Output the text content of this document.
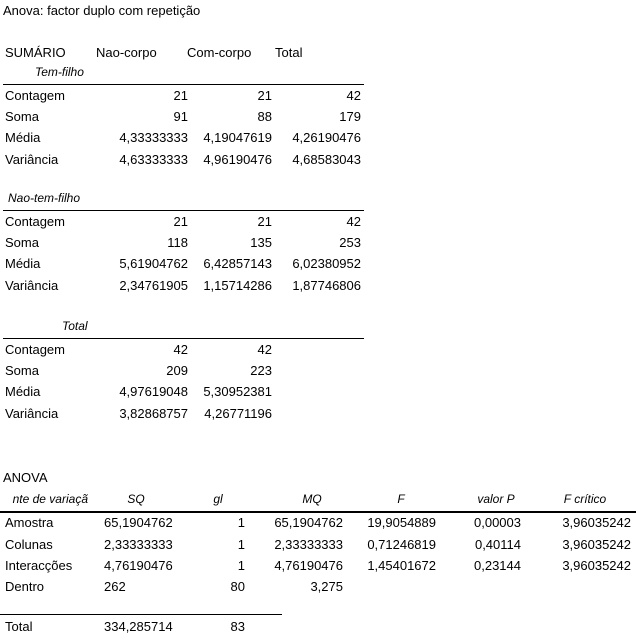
Anova: factor duplo com repetição
SUMÁRIO Nao-corpo Com-corpo Total
Tem-filho
Contagem	21	21	42
Soma	91	88	179
Média	4,33333333	4,19047619	4,26190476
Variância	4,63333333	4,96190476	4,68583043
Nao-tem-filho
Contagem	21	21	42
Soma	118	135	253
Média	5,61904762	6,42857143	6,02380952
Variância	2,34761905	1,15714286	1,87746806
Total
Contagem	42	42
Soma	209	223
Média	4,97619048	5,30952381
Variância	3,82868757	4,26771196
ANOVA
nte de variaçã	SQ	gl	MQ	F	valor P	F crítico
Amostra	65,1904762	1	65,1904762	19,9054889	0,00003	3,96035242
Colunas	2,33333333	1	2,33333333	0,71246819	0,40114	3,96035242
Interacções 4,76190476	1	4,76190476	1,45401672	0,23144	3,96035242
Dentro	262	80	3,275
Total	334,285714	83
